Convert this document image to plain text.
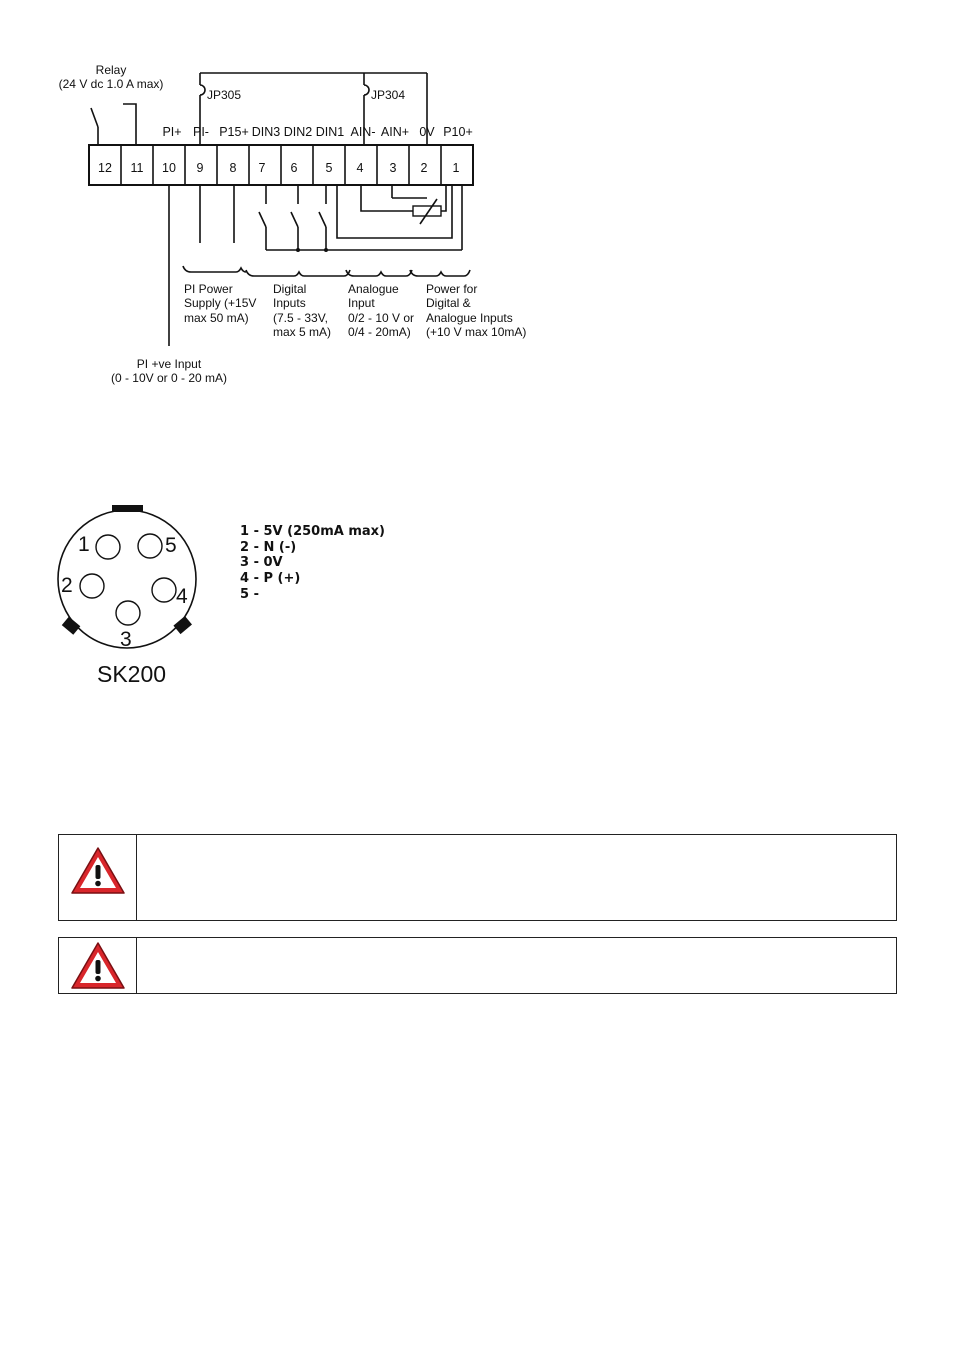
Relay
(24 V dc 1.0 A max)
JP305	JP304
PI+ PI- P15+ DIN3 DIN2 DIN1 AIN- AIN+ 0V P10+
12 11 10 9 8 7 6 5 4 3 2 1
PI Power
Supply (+15V
max 50 mA)
Digital
Inputs
(7.5 - 33V,
max 5 mA)
Analogue
Input
0/2 - 10 V or
0/4 - 20mA)
Power for
Digital &
Analogue Inputs
(+10 V max 10mA)
PI +ve Input
(0 - 10V or 0 - 20 mA)
1
2
3
4
5
SK200
1 - 5V (250mA max)
2 - N (-)
3 - 0V
4 - P (+)
5 -
